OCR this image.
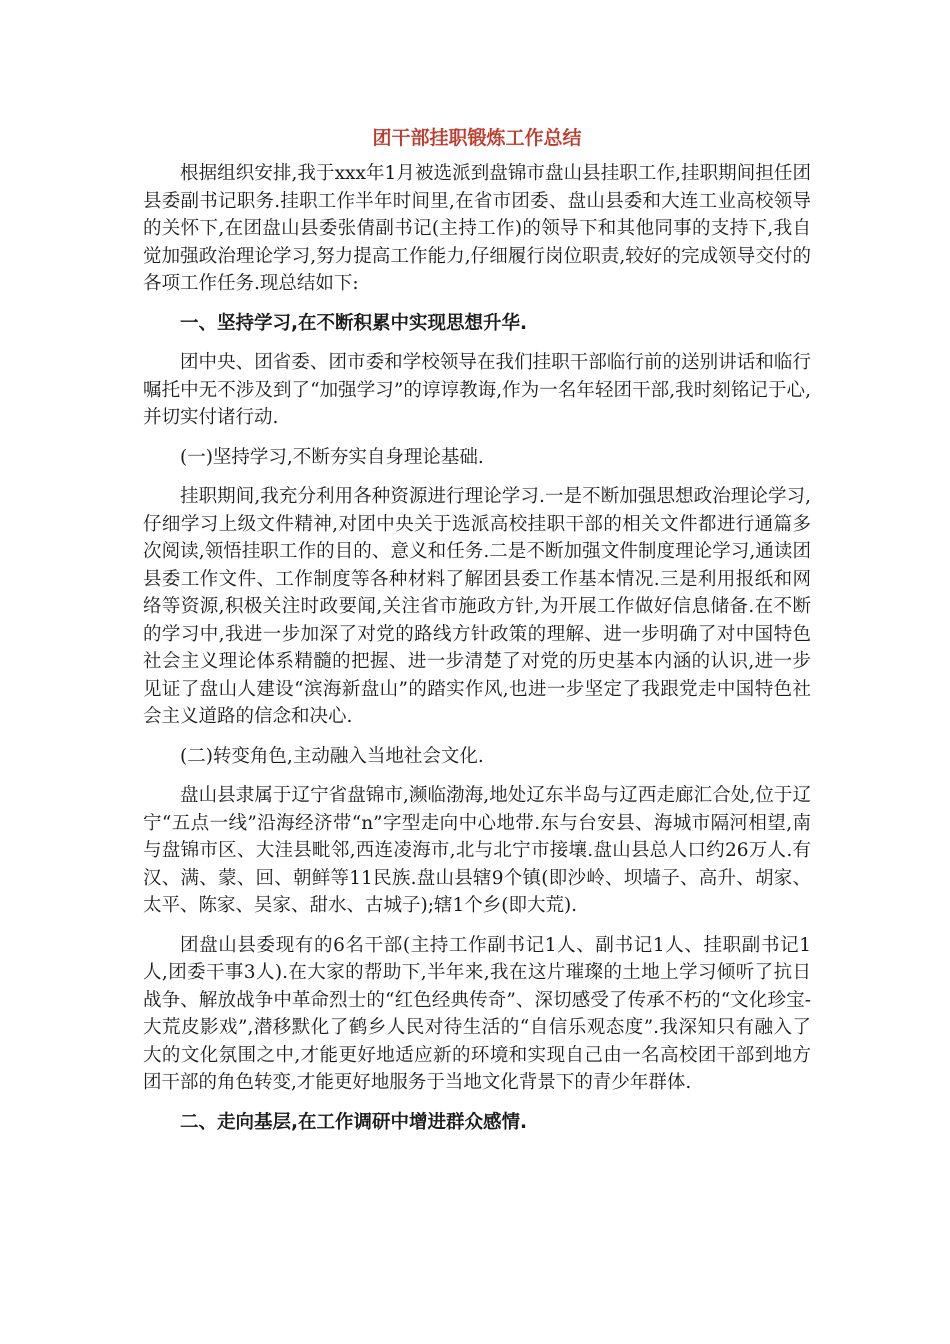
团干部挂职锻炼工作总结

根据组织安排,我于xxx年1月被选派到盘锦市盘山县挂职工作,挂职期间担任团县委副书记职务.挂职工作半年时间里,在省市团委、盘山县委和大连工业高校领导的关怀下,在团盘山县委张倩副书记(主持工作)的领导下和其他同事的支持下,我自觉加强政治理论学习,努力提高工作能力,仔细履行岗位职责,较好的完成领导交付的各项工作任务.现总结如下:

一、坚持学习,在不断积累中实现思想升华.

团中央、团省委、团市委和学校领导在我们挂职干部临行前的送别讲话和临行嘱托中无不涉及到了“加强学习”的谆谆教诲,作为一名年轻团干部,我时刻铭记于心,并切实付诸行动.

(一)坚持学习,不断夯实自身理论基础.

挂职期间,我充分利用各种资源进行理论学习.一是不断加强思想政治理论学习,仔细学习上级文件精神,对团中央关于选派高校挂职干部的相关文件都进行通篇多次阅读,领悟挂职工作的目的、意义和任务.二是不断加强文件制度理论学习,通读团县委工作文件、工作制度等各种材料了解团县委工作基本情况.三是利用报纸和网络等资源,积极关注时政要闻,关注省市施政方针,为开展工作做好信息储备.在不断的学习中,我进一步加深了对党的路线方针政策的理解、进一步明确了对中国特色社会主义理论体系精髓的把握、进一步清楚了对党的历史基本内涵的认识,进一步见证了盘山人建设“滨海新盘山”的踏实作风,也进一步坚定了我跟党走中国特色社会主义道路的信念和决心.

(二)转变角色,主动融入当地社会文化.

盘山县隶属于辽宁省盘锦市,濒临渤海,地处辽东半岛与辽西走廊汇合处,位于辽宁“五点一线”沿海经济带“n”字型走向中心地带.东与台安县、海城市隔河相望,南与盘锦市区、大洼县毗邻,西连凌海市,北与北宁市接壤.盘山县总人口约26万人.有汉、满、蒙、回、朝鲜等11民族.盘山县辖9个镇(即沙岭、坝墙子、高升、胡家、太平、陈家、吴家、甜水、古城子);辖1个乡(即大荒).

团盘山县委现有的6名干部(主持工作副书记1人、副书记1人、挂职副书记1人,团委干事3人).在大家的帮助下,半年来,我在这片璀璨的土地上学习倾听了抗日战争、解放战争中革命烈士的“红色经典传奇”、深切感受了传承不朽的“文化珍宝-大荒皮影戏”,潜移默化了鹤乡人民对待生活的“自信乐观态度”.我深知只有融入了大的文化氛围之中,才能更好地适应新的环境和实现自己由一名高校团干部到地方团干部的角色转变,才能更好地服务于当地文化背景下的青少年群体.

二、走向基层,在工作调研中增进群众感情.
